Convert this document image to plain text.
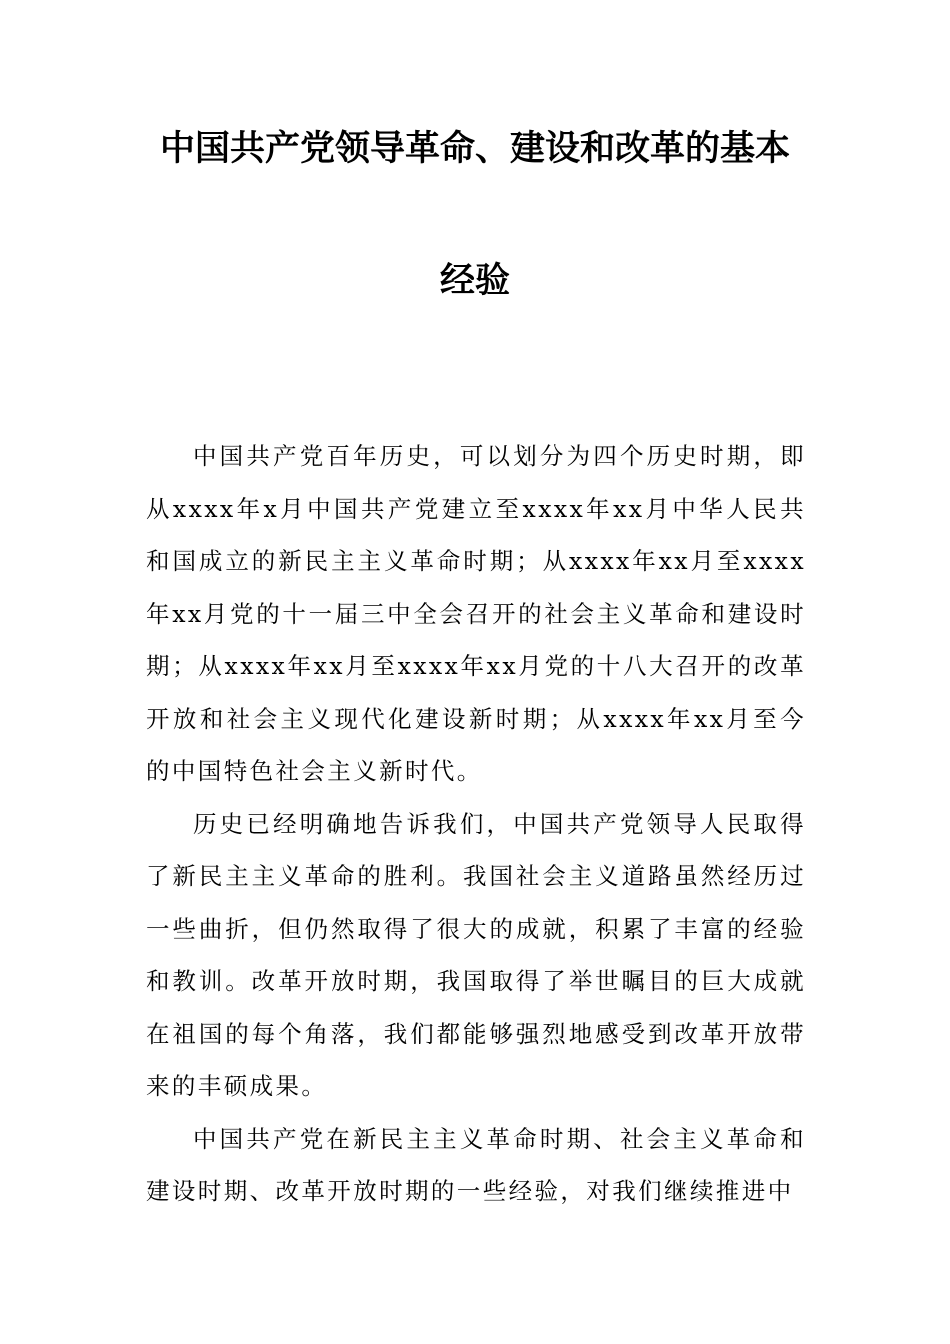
中国共产党领导革命、建设和改革的基本
经验

中国共产党百年历史，可以划分为四个历史时期，即从xxxx年x月中国共产党建立至xxxx年xx月中华人民共和国成立的新民主主义革命时期；从xxxx年xx月至xxxx年xx月党的十一届三中全会召开的社会主义革命和建设时期；从xxxx年xx月至xxxx年xx月党的十八大召开的改革开放和社会主义现代化建设新时期；从xxxx年xx月至今的中国特色社会主义新时代。

历史已经明确地告诉我们，中国共产党领导人民取得了新民主主义革命的胜利。我国社会主义道路虽然经历过一些曲折，但仍然取得了很大的成就，积累了丰富的经验和教训。改革开放时期，我国取得了举世瞩目的巨大成就在祖国的每个角落，我们都能够强烈地感受到改革开放带来的丰硕成果。

中国共产党在新民主主义革命时期、社会主义革命和建设时期、改革开放时期的一些经验，对我们继续推进中
